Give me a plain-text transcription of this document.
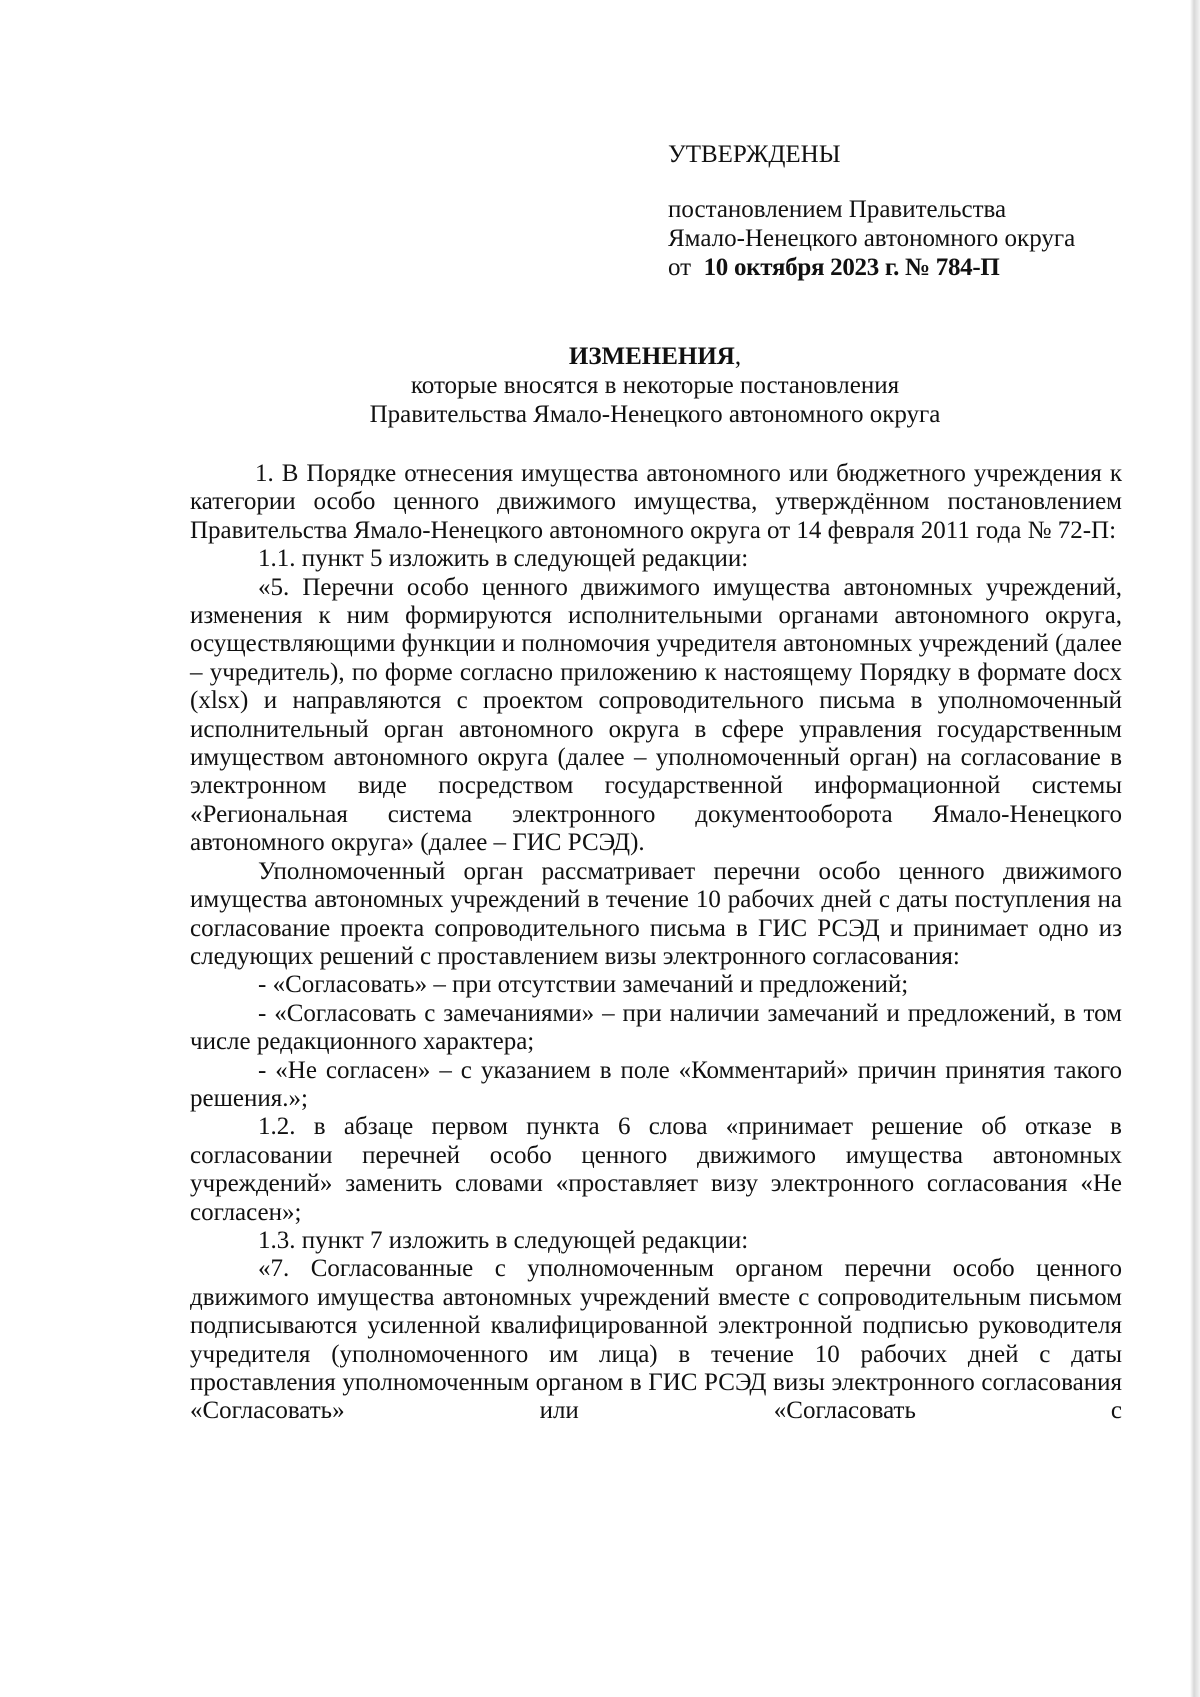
УТВЕРЖДЕНЫ
постановлением Правительства
Ямало-Ненецкого автономного округа
от 10 октября 2023 г. № 784-П
ИЗМЕНЕНИЯ,
которые вносятся в некоторые постановления
Правительства Ямало-Ненецкого автономного округа

1. В Порядке отнесения имущества автономного или бюджетного учреждения к категории особо ценного движимого имущества, утверждённом постановлением Правительства Ямало-Ненецкого автономного округа от 14 февраля 2011 года № 72-П:

1.1. пункт 5 изложить в следующей редакции:

«5. Перечни особо ценного движимого имущества автономных учреждений, изменения к ним формируются исполнительными органами автономного округа, осуществляющими функции и полномочия учредителя автономных учреждений (далее – учредитель), по форме согласно приложению к настоящему Порядку в формате docx (xlsx) и направляются с проектом сопроводительного письма в уполномоченный исполнительный орган автономного округа в сфере управления государственным имуществом автономного округа (далее – уполномоченный орган) на согласование в электронном виде посредством государственной информационной системы «Региональная система электронного документооборота Ямало-Ненецкого автономного округа» (далее – ГИС РСЭД).

Уполномоченный орган рассматривает перечни особо ценного движимого имущества автономных учреждений в течение 10 рабочих дней с даты поступления на согласование проекта сопроводительного письма в ГИС РСЭД и принимает одно из следующих решений с проставлением визы электронного согласования:

- «Согласовать» – при отсутствии замечаний и предложений;

- «Согласовать с замечаниями» – при наличии замечаний и предложений, в том числе редакционного характера;

- «Не согласен» – с указанием в поле «Комментарий» причин принятия такого решения.»;

1.2. в абзаце первом пункта 6 слова «принимает решение об отказе в согласовании перечней особо ценного движимого имущества автономных учреждений» заменить словами «проставляет визу электронного согласования «Не согласен»;

1.3. пункт 7 изложить в следующей редакции:

«7. Согласованные с уполномоченным органом перечни особо ценного движимого имущества автономных учреждений вместе с сопроводительным письмом подписываются усиленной квалифицированной электронной подписью руководителя учредителя (уполномоченного им лица) в течение 10 рабочих дней с даты проставления уполномоченным органом в ГИС РСЭД визы электронного согласования «Согласовать» или «Согласовать с
